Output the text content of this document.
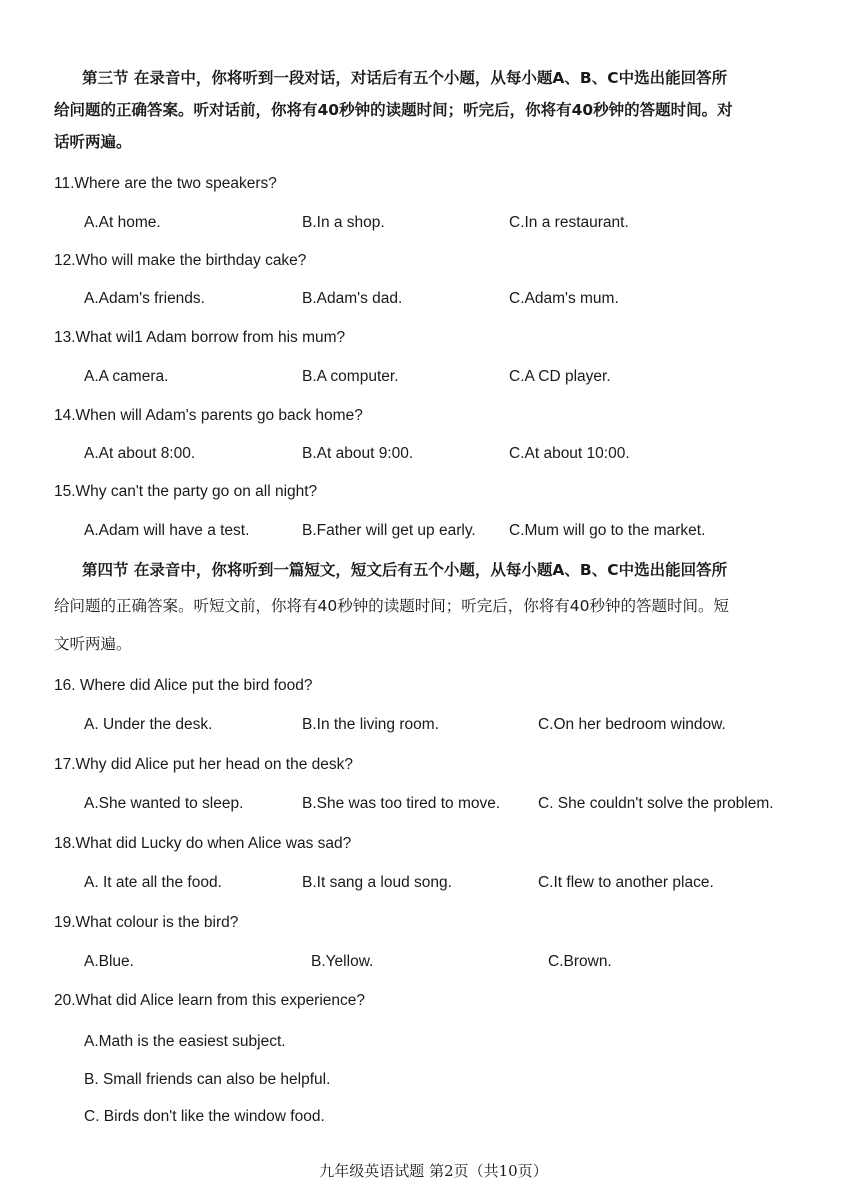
第三节 在录音中，你将听到一段对话，对话后有五个小题，从每小题A、B、C中选出能回答所
给问题的正确答案。听对话前，你将有40秒钟的读题时间；听完后，你将有40秒钟的答题时间。对
话听两遍。
11.Where are the two speakers?
A.At home.	B.In a shop.	C.In a restaurant.
12.Who will make the birthday cake?
A.Adam's friends.	B.Adam's dad.	C.Adam's mum.
13.What wil1 Adam borrow from his mum?
A.A camera.	B.A computer.	C.A CD player.
14.When will Adam's parents go back home?
A.At about 8:00.	B.At about 9:00.	C.At about 10:00.
15.Why can't the party go on all night?
A.Adam will have a test.	B.Father will get up early. C.Mum will go to the market.
第四节 在录音中，你将听到一篇短文，短文后有五个小题，从每小题A、B、C中选出能回答所
给问题的正确答案。听短文前，你将有40秒钟的读题时间；听完后，你将有40秒钟的答题时间。短
文听两遍。
16. Where did Alice put the bird food?
A. Under the desk.	B.In the living room.	C.On her bedroom window.
17.Why did Alice put her head on the desk?
A.She wanted to sleep.	B.She was too tired to move. C. She couldn't solve the problem.
18.What did Lucky do when Alice was sad?
A. It ate all the food.	B.It sang a loud song.	C.It flew to another place.
19.What colour is the bird?
A.Blue.	B.Yellow.	C.Brown.
20.What did Alice learn from this experience?
A.Math is the easiest subject.
B. Small friends can also be helpful.
C. Birds don't like the window food.
九年级英语试题 第2页（共10页）
